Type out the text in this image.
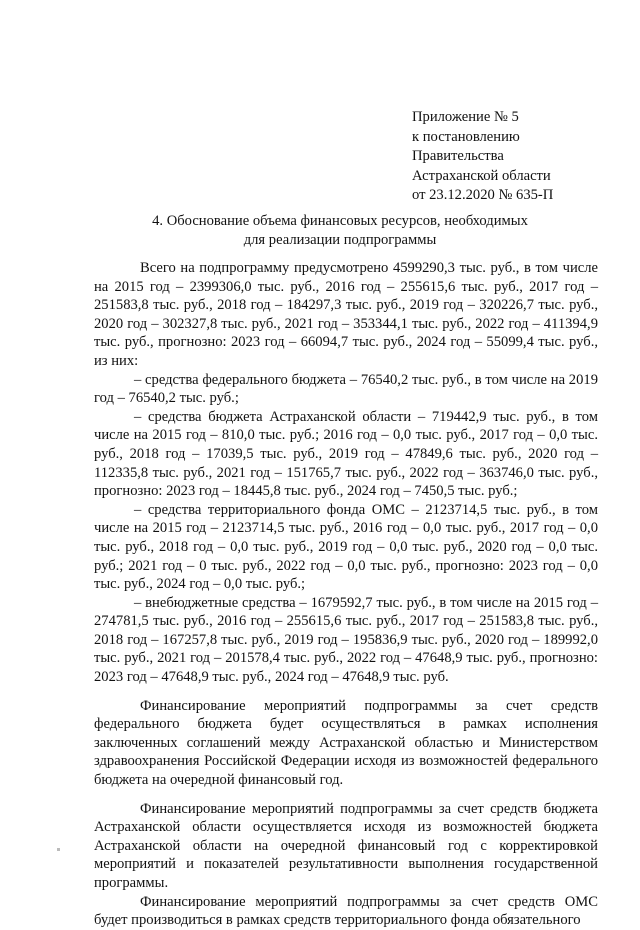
Приложение № 5
к постановлению
Правительства
Астраханской области
от 23.12.2020 № 635-П
4. Обоснование объема финансовых ресурсов, необходимых
для реализации подпрограммы

Всего на подпрограмму предусмотрено 4599290,3 тыс. руб., в том числе на 2015 год – 2399306,0 тыс. руб., 2016 год – 255615,6 тыс. руб., 2017 год – 251583,8 тыс. руб., 2018 год – 184297,3 тыс. руб., 2019 год – 320226,7 тыс. руб., 2020 год – 302327,8 тыс. руб., 2021 год – 353344,1 тыс. руб., 2022 год – 411394,9 тыс. руб., прогнозно: 2023 год – 66094,7 тыс. руб., 2024 год – 55099,4 тыс. руб., из них:

– средства федерального бюджета – 76540,2 тыс. руб., в том числе на 2019 год – 76540,2 тыс. руб.;

– средства бюджета Астраханской области – 719442,9 тыс. руб., в том числе на 2015 год – 810,0 тыс. руб.; 2016 год – 0,0 тыс. руб., 2017 год – 0,0 тыс. руб., 2018 год – 17039,5 тыс. руб., 2019 год – 47849,6 тыс. руб., 2020 год – 112335,8 тыс. руб., 2021 год – 151765,7 тыс. руб., 2022 год – 363746,0 тыс. руб., прогнозно: 2023 год – 18445,8 тыс. руб., 2024 год – 7450,5 тыс. руб.;

– средства территориального фонда ОМС – 2123714,5 тыс. руб., в том числе на 2015 год – 2123714,5 тыс. руб., 2016 год – 0,0 тыс. руб., 2017 год – 0,0 тыс. руб., 2018 год – 0,0 тыс. руб., 2019 год – 0,0 тыс. руб., 2020 год – 0,0 тыс. руб.; 2021 год – 0 тыс. руб., 2022 год – 0,0 тыс. руб., прогнозно: 2023 год – 0,0 тыс. руб., 2024 год – 0,0 тыс. руб.;

– внебюджетные средства – 1679592,7 тыс. руб., в том числе на 2015 год – 274781,5 тыс. руб., 2016 год – 255615,6 тыс. руб., 2017 год – 251583,8 тыс. руб., 2018 год – 167257,8 тыс. руб., 2019 год – 195836,9 тыс. руб., 2020 год – 189992,0 тыс. руб., 2021 год – 201578,4 тыс. руб., 2022 год – 47648,9 тыс. руб., прогнозно: 2023 год – 47648,9 тыс. руб., 2024 год – 47648,9 тыс. руб.

Финансирование мероприятий подпрограммы за счет средств федерального бюджета будет осуществляться в рамках исполнения заключенных соглашений между Астраханской областью и Министерством здравоохранения Российской Федерации исходя из возможностей федерального бюджета на очередной финансовый год.

Финансирование мероприятий подпрограммы за счет средств бюджета Астраханской области осуществляется исходя из возможностей бюджета Астраханской области на очередной финансовый год с корректировкой мероприятий и показателей результативности выполнения государственной программы.

Финансирование мероприятий подпрограммы за счет средств ОМС будет производиться в рамках средств территориального фонда обязательного
